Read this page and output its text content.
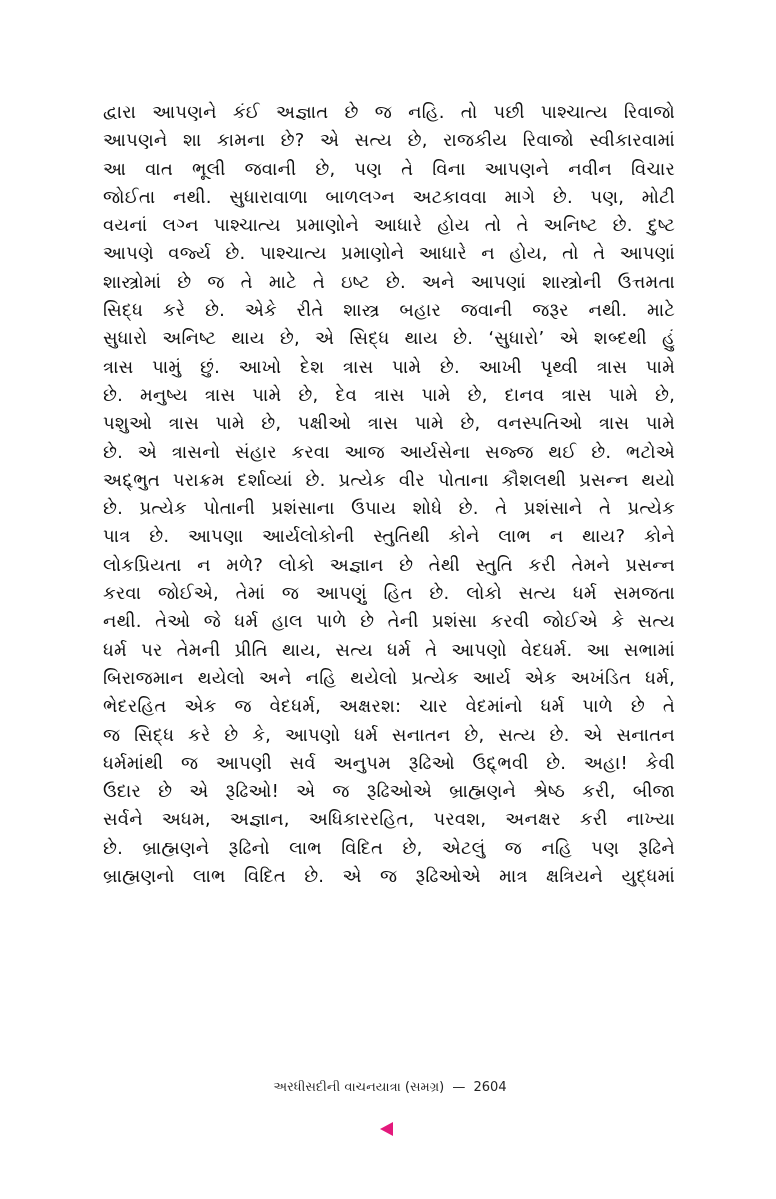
દ્વારા આપણને કંઈ અજ્ઞાત છે જ નહિ. તો પછી પાશ્ચાત્ય રિવાજો
આપણને શા કામના છે? એ સત્ય છે, રાજકીય રિવાજો સ્વીકારવામાં
આ વાત ભૂલી જવાની છે, પણ તે વિના આપણને નવીન વિચાર
જોઈતા નથી. સુધારાવાળા બાળલગ્ન અટકાવવા માગે છે. પણ, મોટી
વયનાં લગ્ન પાશ્ચાત્ય પ્રમાણોને આધારે હોય તો તે અનિષ્ટ છે. દુષ્ટ
આપણે વર્જ્ય છે. પાશ્ચાત્ય પ્રમાણોને આધારે ન હોય, તો તે આપણાં
શાસ્ત્રોમાં છે જ તે માટે તે ઇષ્ટ છે. અને આપણાં શાસ્ત્રોની ઉત્તમતા
સિદ્ધ કરે છે. એકે રીતે શાસ્ત્ર બહાર જવાની જરૂર નથી. માટે
સુધારો અનિષ્ટ થાય છે, એ સિદ્ધ થાય છે. ‘સુધારો’ એ શબ્દથી હું
ત્રાસ પામું છું. આખો દેશ ત્રાસ પામે છે. આખી પૃથ્વી ત્રાસ પામે
છે. મનુષ્ય ત્રાસ પામે છે, દેવ ત્રાસ પામે છે, દાનવ ત્રાસ પામે છે,
પશુઓ ત્રાસ પામે છે, પક્ષીઓ ત્રાસ પામે છે, વનસ્પતિઓ ત્રાસ પામે
છે. એ ત્રાસનો સંહાર કરવા આજ આર્યસેના સજ્જ થઈ છે. ભટોએ
અદ્દ્ભુત પરાક્રમ દર્શાવ્યાં છે. પ્રત્યેક વીર પોતાના કૌશલથી પ્રસન્ન થયો
છે. પ્રત્યેક પોતાની પ્રશંસાના ઉપાય શોધે છે. તે પ્રશંસાને તે પ્રત્યેક
પાત્ર છે. આપણા આર્યલોકોની સ્તુતિથી કોને લાભ ન થાય? કોને
લોકપ્રિયતા ન મળે? લોકો અજ્ઞાન છે તેથી સ્તુતિ કરી તેમને પ્રસન્ન
કરવા જોઈએ, તેમાં જ આપણું હિત છે. લોકો સત્ય ધર્મ સમજતા
નથી. તેઓ જે ધર્મ હાલ પાળે છે તેની પ્રશંસા કરવી જોઈએ કે સત્ય
ધર્મ પર તેમની પ્રીતિ થાય, સત્ય ધર્મ તે આપણો વેદધર્મ. આ સભામાં
બિરાજમાન થયેલો અને નહિ થયેલો પ્રત્યેક આર્ય એક અખંડિત ધર્મ,
ભેદરહિત એક જ વેદધર્મ, અક્ષરશ: ચાર વેદમાંનો ધર્મ પાળે છે તે
જ સિદ્ધ કરે છે કે, આપણો ધર્મ સનાતન છે, સત્ય છે. એ સનાતન
ધર્મમાંથી જ આપણી સર્વ અનુપમ રૂઢિઓ ઉદ્દ્ભવી છે. અહા! કેવી
ઉદાર છે એ રૂઢિઓ! એ જ રૂઢિઓએ બ્રાહ્મણને શ્રેષ્ઠ કરી, બીજા
સર્વને અધમ, અજ્ઞાન, અધિકારરહિત, પરવશ, અનક્ષર કરી નાખ્યા
છે. બ્રાહ્મણને રૂઢિનો લાભ વિદિત છે, એટલું જ નહિ પણ રૂઢિને
બ્રાહ્મણનો લાભ વિદિત છે. એ જ રૂઢિઓએ માત્ર ક્ષત્રિયને યુદ્ધમાં
અરધીસદીની વાચનયાત્રા (સમગ્ર) — 2604
